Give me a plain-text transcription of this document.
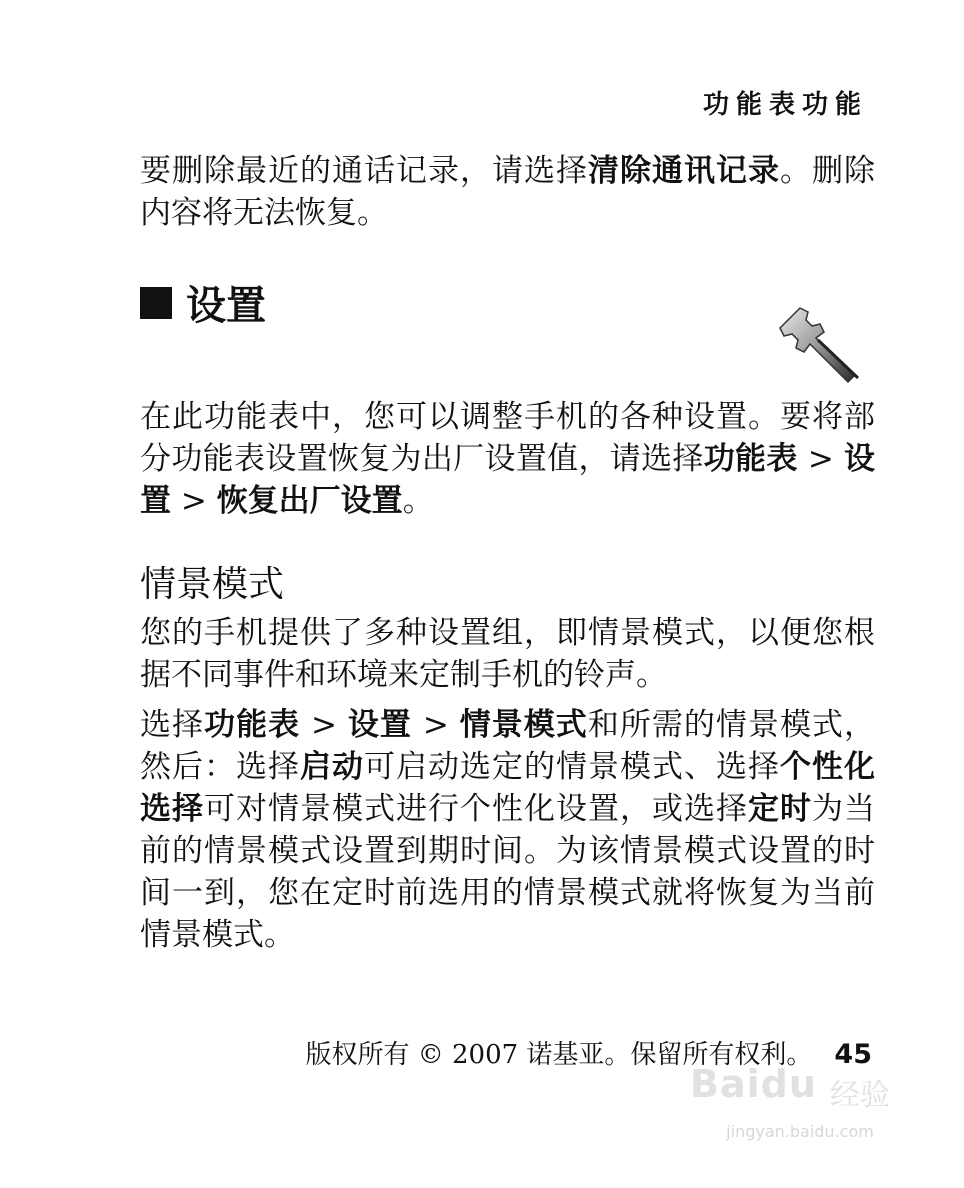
功能表功能

要删除最近的通话记录，请选择清除通讯记录。删除内容将无法恢复。

设置

在此功能表中，您可以调整手机的各种设置。要将部分功能表设置恢复为出厂设置值，请选择功能表 > 设置 > 恢复出厂设置。

情景模式

您的手机提供了多种设置组，即情景模式，以便您根据不同事件和环境来定制手机的铃声。

选择功能表 > 设置 > 情景模式和所需的情景模式，然后：选择启动可启动选定的情景模式、选择个性化选择可对情景模式进行个性化设置，或选择定时为当前的情景模式设置到期时间。为该情景模式设置的时间一到，您在定时前选用的情景模式就将恢复为当前情景模式。

版权所有 © 2007 诺基亚。保留所有权利。 45
Baidu 经验
jingyan.baidu.com
